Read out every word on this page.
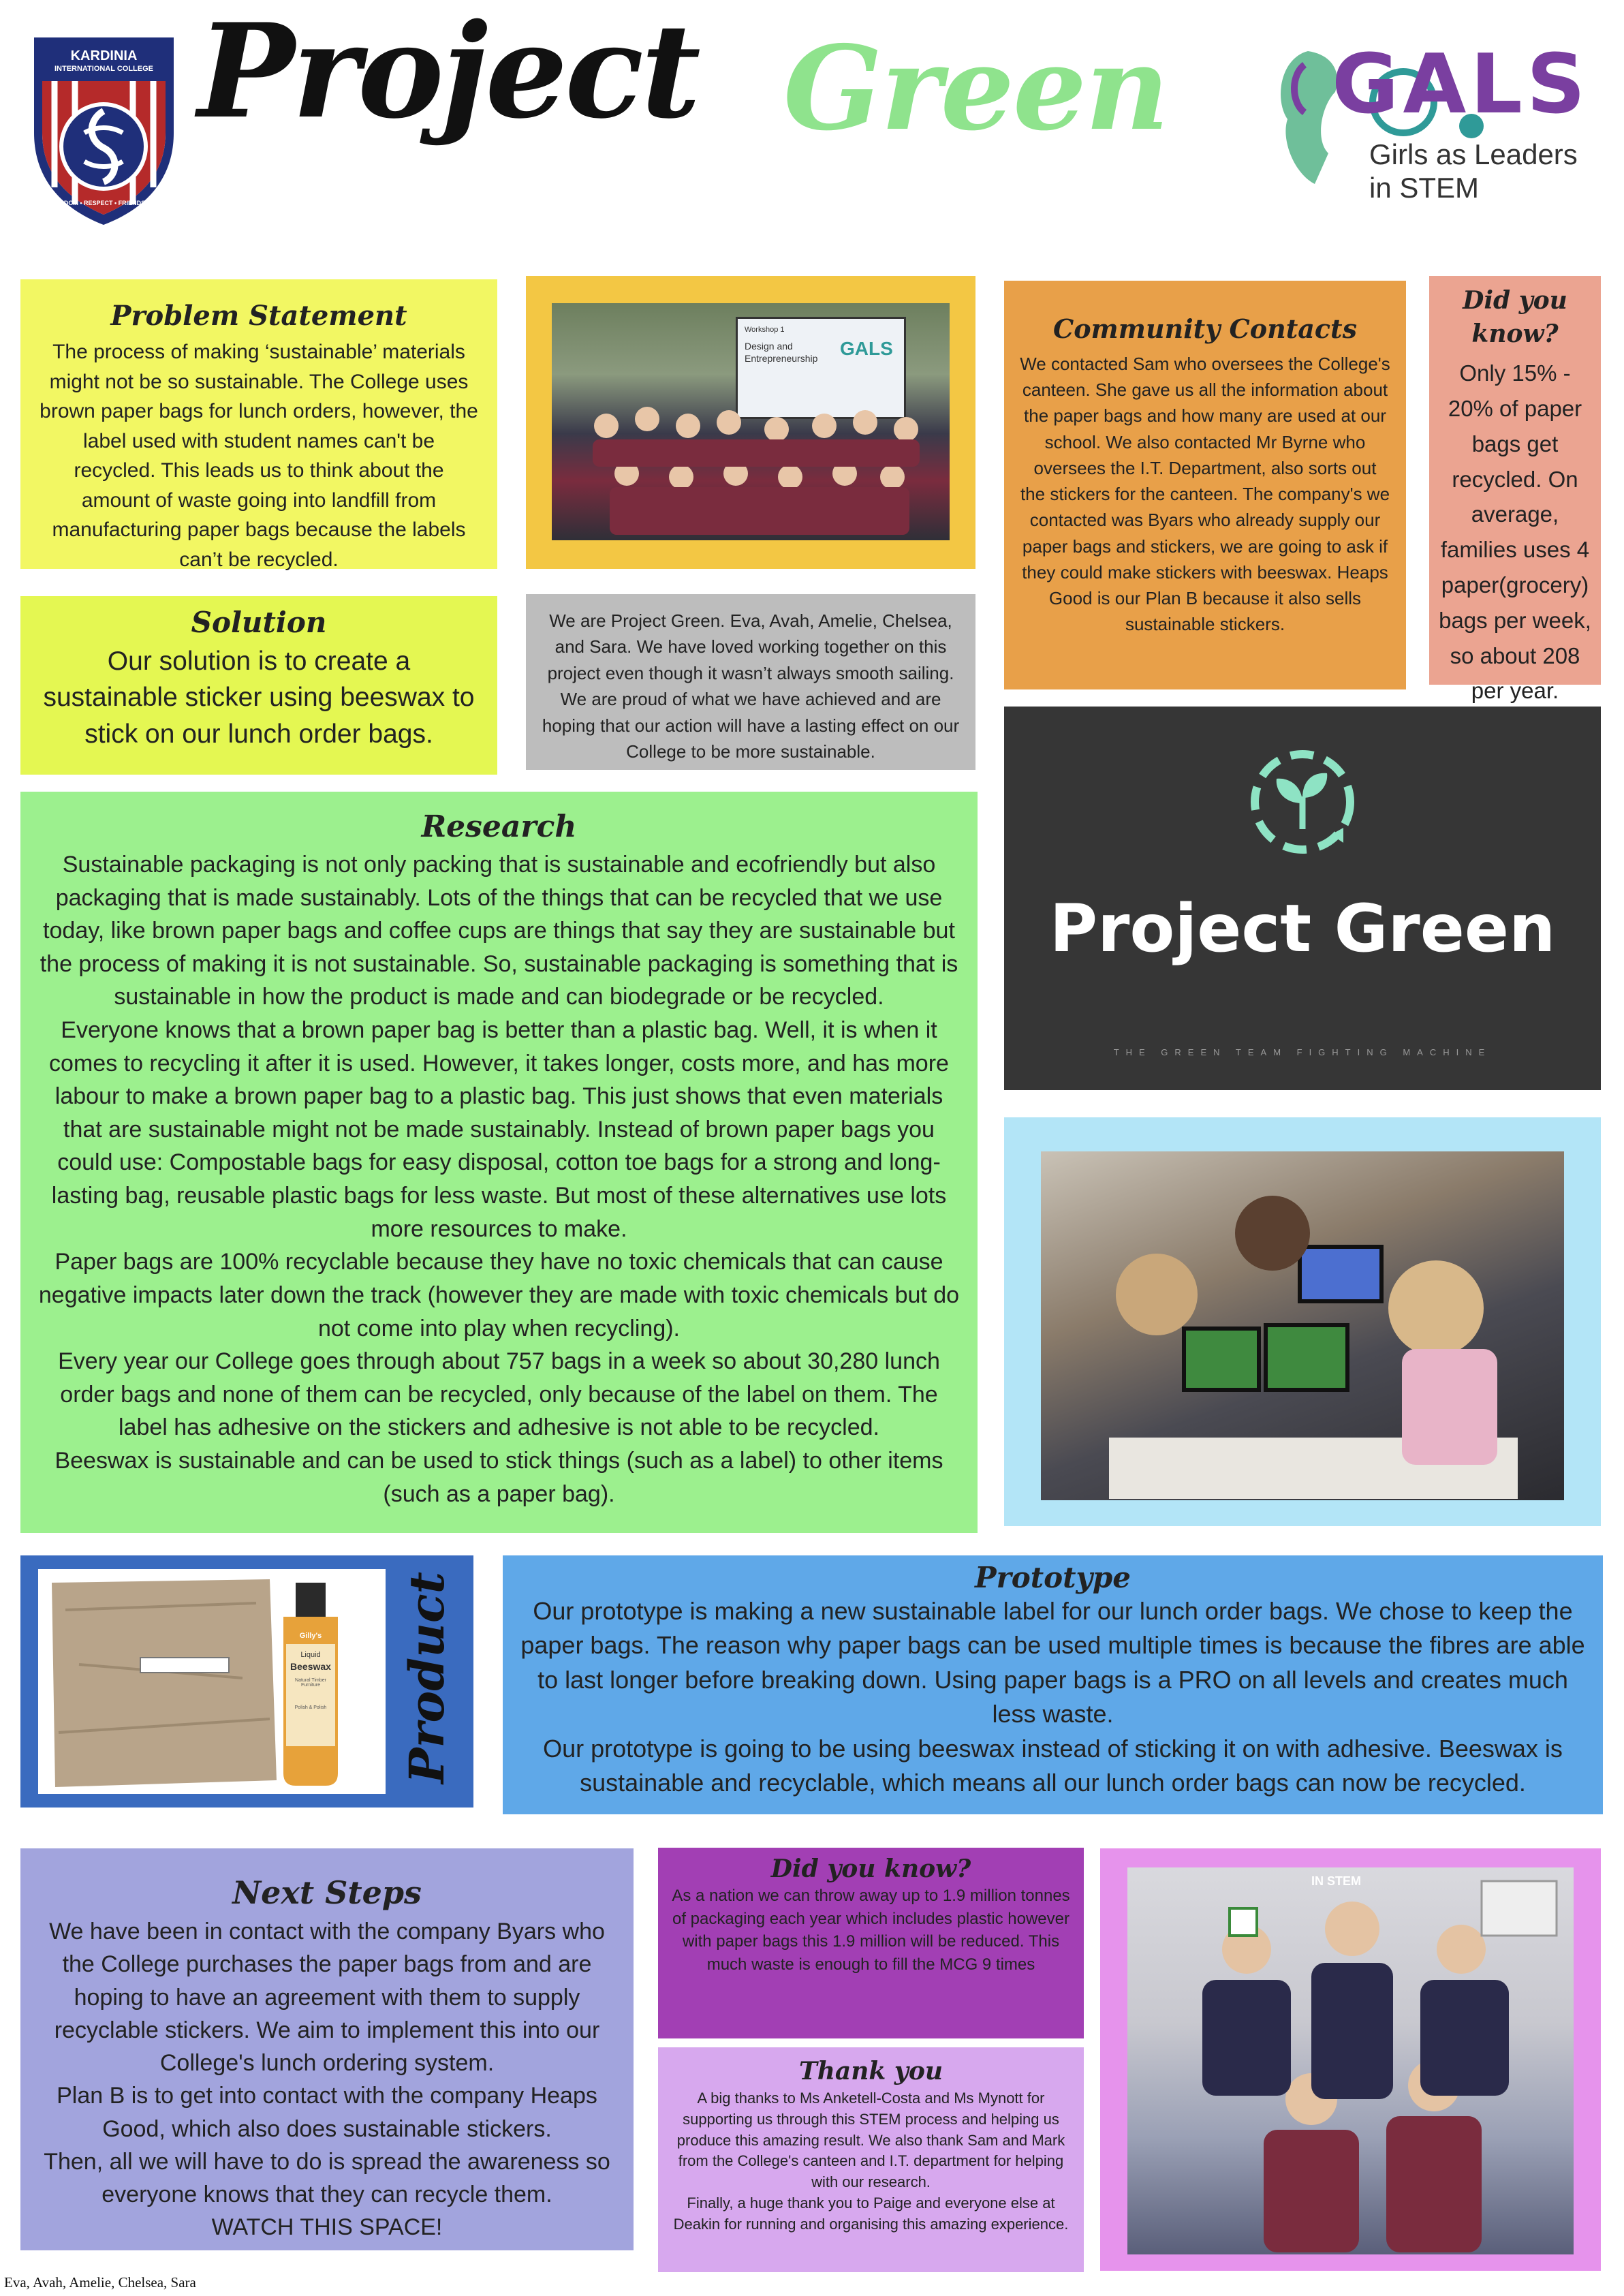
KARDINIA
INTERNATIONAL COLLEGE
WISDOM • RESPECT • FRIENDSHIP
Project Green GALS
Girls as Leaders
in STEM
Problem Statement

The process of making ‘sustainable’ materials might not be so sustainable. The College uses brown paper bags for lunch orders, however, the label used with student names can't be recycled. This leads us to think about the amount of waste going into landfill from manufacturing paper bags because the labels can’t be recycled.

Workshop 1
Design and
Entrepreneurship GALS
Community Contacts

We contacted Sam who oversees the College's canteen. She gave us all the information about the paper bags and how many are used at our school. We also contacted Mr Byrne who oversees the I.T. Department, also sorts out the stickers for the canteen. The company's we contacted was Byars who already supply our paper bags and stickers, we are going to ask if they could make stickers with beeswax. Heaps Good is our Plan B because it also sells sustainable stickers.

Did you know?

Only 15% - 20% of paper bags get recycled. On average, families uses 4 paper(grocery) bags per week, so about 208 per year.

Solution

Our solution is to create a sustainable sticker using beeswax to stick on our lunch order bags.

We are Project Green. Eva, Avah, Amelie, Chelsea, and Sara. We have loved working together on this project even though it wasn’t always smooth sailing. We are proud of what we have achieved and are hoping that our action will have a lasting effect on our College to be more sustainable.

Research

Sustainable packaging is not only packing that is sustainable and ecofriendly but also packaging that is made sustainably. Lots of the things that can be recycled that we use today, like brown paper bags and coffee cups are things that say they are sustainable but the process of making it is not sustainable. So, sustainable packaging is something that is sustainable in how the product is made and can biodegrade or be recycled.

Everyone knows that a brown paper bag is better than a plastic bag. Well, it is when it comes to recycling it after it is used. However, it takes longer, costs more, and has more labour to make a brown paper bag to a plastic bag. This just shows that even materials that are sustainable might not be made sustainably. Instead of brown paper bags you could use: Compostable bags for easy disposal, cotton toe bags for a strong and long-lasting bag, reusable plastic bags for less waste. But most of these alternatives use lots more resources to make.

Paper bags are 100% recyclable because they have no toxic chemicals that can cause negative impacts later down the track (however they are made with toxic chemicals but do not come into play when recycling).

Every year our College goes through about 757 bags in a week so about 30,280 lunch order bags and none of them can be recycled, only because of the label on them. The label has adhesive on the stickers and adhesive is not able to be recycled.

Beeswax is sustainable and can be used to stick things (such as a label) to other items (such as a paper bag).

Project Green
THE GREEN TEAM FIGHTING MACHINE
Gilly's
Liquid
Beeswax
Natural Timber Furniture
Polish & Polish Product	Prototype

Our prototype is making a new sustainable label for our lunch order bags. We chose to keep the paper bags. The reason why paper bags can be used multiple times is because the fibres are able to last longer before breaking down. Using paper bags is a PRO on all levels and creates much less waste.

Our prototype is going to be using beeswax instead of sticking it on with adhesive. Beeswax is sustainable and recyclable, which means all our lunch order bags can now be recycled.

Next Steps

We have been in contact with the company Byars who the College purchases the paper bags from and are hoping to have an agreement with them to supply recyclable stickers. We aim to implement this into our College's lunch ordering system.

Plan B is to get into contact with the company Heaps Good, which also does sustainable stickers.

Then, all we will have to do is spread the awareness so everyone knows that they can recycle them.

WATCH THIS SPACE!

Did you know?

As a nation we can throw away up to 1.9 million tonnes of packaging each year which includes plastic however with paper bags this 1.9 million will be reduced. This much waste is enough to fill the MCG 9 times

Thank you

A big thanks to Ms Anketell-Costa and Ms Mynott for supporting us through this STEM process and helping us produce this amazing result. We also thank Sam and Mark from the College's canteen and I.T. department for helping with our research.

Finally, a huge thank you to Paige and everyone else at Deakin for running and organising this amazing experience.

IN STEM
Eva, Avah, Amelie, Chelsea, Sara
